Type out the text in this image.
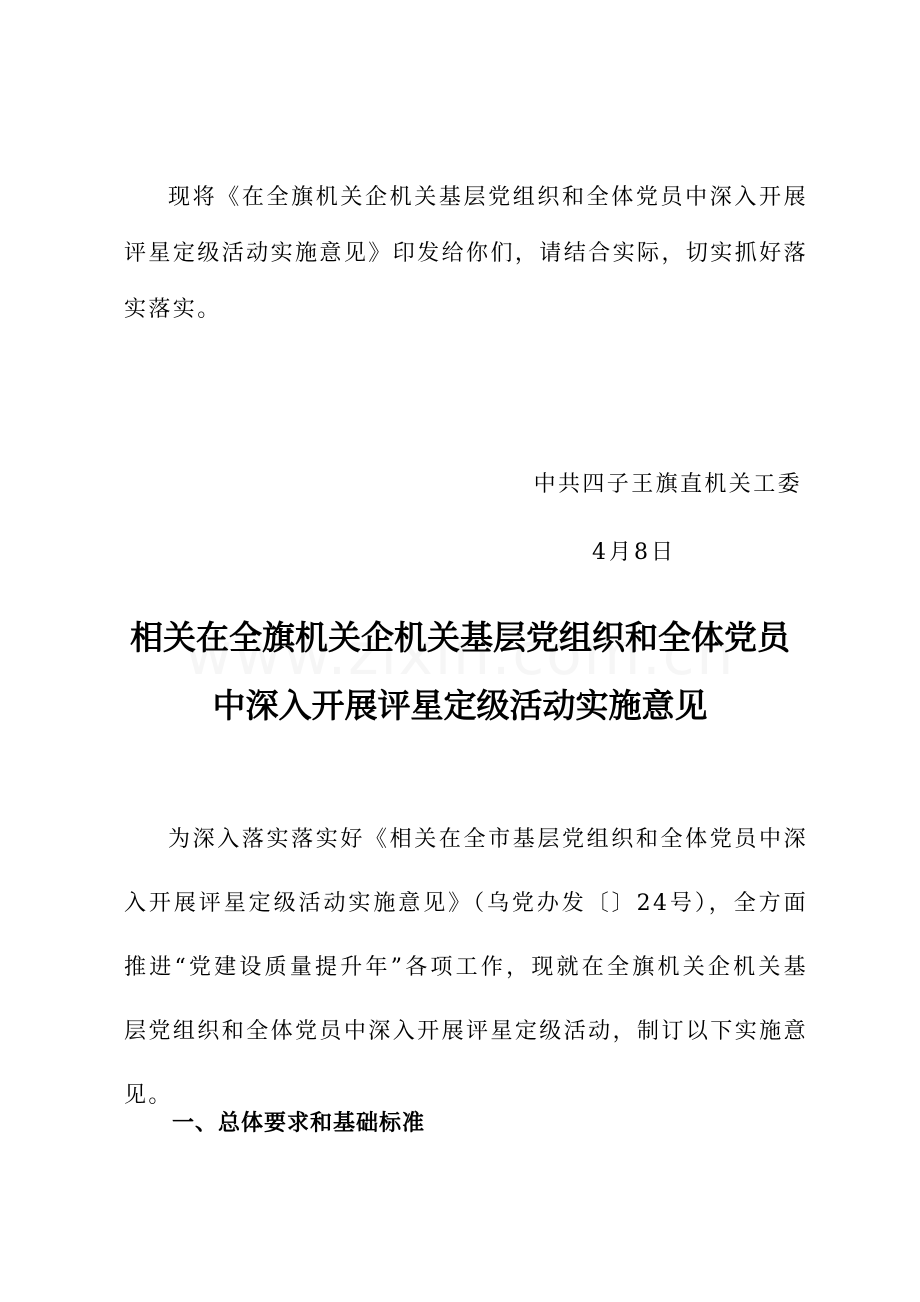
现将《在全旗机关企机关基层党组织和全体党员中深入开展评星定级活动实施意见》印发给你们，请结合实际，切实抓好落实落实。

中共四子王旗直机关工委

4月8日

相关在全旗机关企机关基层党组织和全体党员
中深入开展评星定级活动实施意见

为深入落实落实好《相关在全市基层党组织和全体党员中深入开展评星定级活动实施意见》（乌党办发〔〕24号），全方面推进“党建设质量提升年”各项工作，现就在全旗机关企机关基层党组织和全体党员中深入开展评星定级活动，制订以下实施意见。

一、总体要求和基础标准
